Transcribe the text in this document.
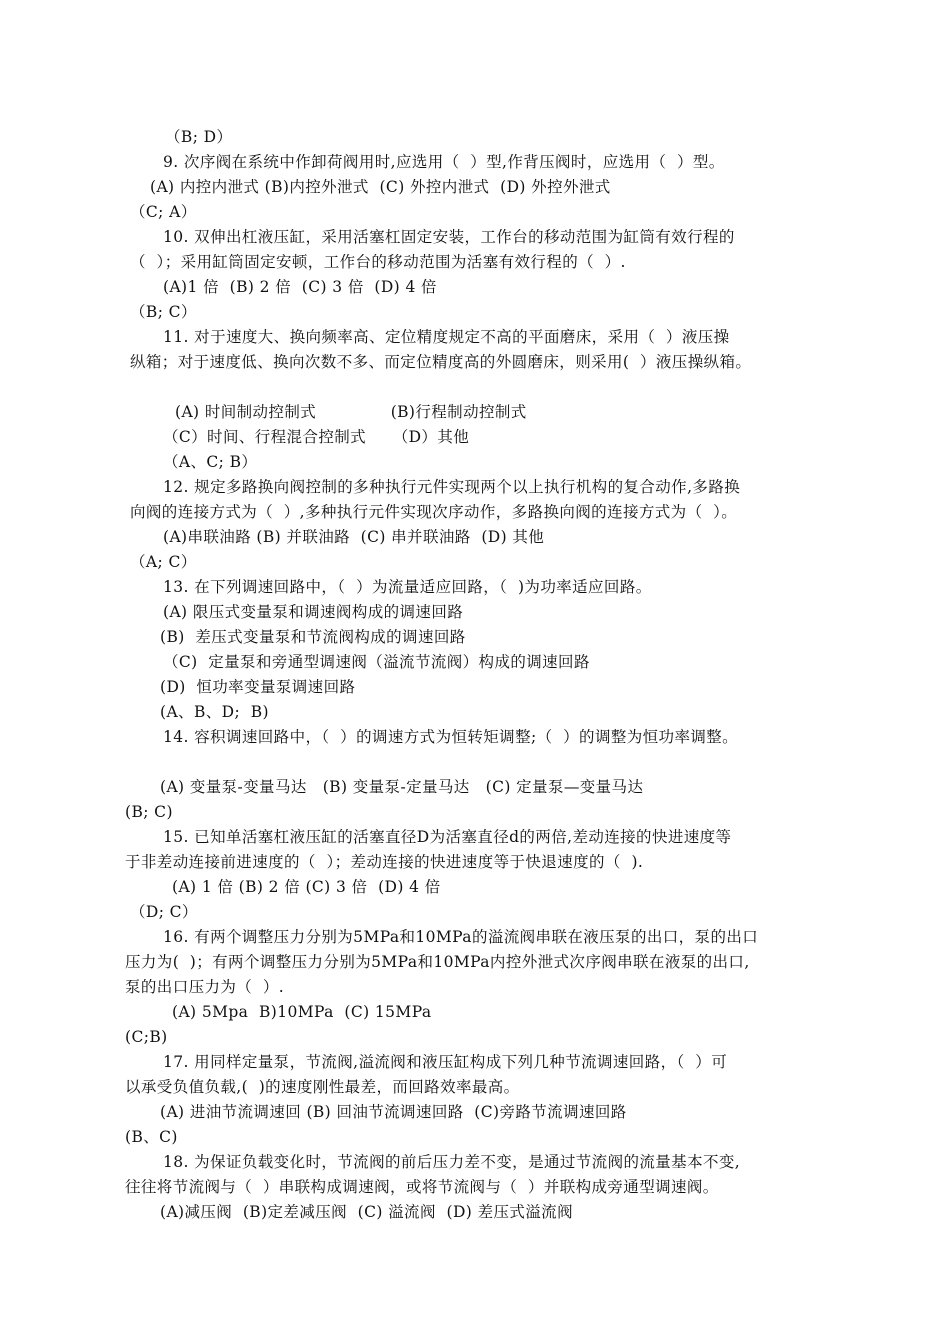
（B; D）
9. 次序阀在系统中作卸荷阀用时,应选用（  ）型,作背压阀时，应选用（  ）型。
(A) 内控内泄式 (B)内控外泄式  (C) 外控内泄式  (D) 外控外泄式
（C; A）
10. 双伸出杠液压缸，采用活塞杠固定安装，工作台的移动范围为缸筒有效行程的
（  ）；采用缸筒固定安顿，工作台的移动范围为活塞有效行程的（  ）.
(A)1 倍  (B) 2 倍  (C) 3 倍  (D) 4 倍
（B; C）
11. 对于速度大、换向频率高、定位精度规定不高的平面磨床，采用（  ）液压操
纵箱；对于速度低、换向次数不多、而定位精度高的外圆磨床，则采用(  ）液压操纵箱。
(A) 时间制动控制式              (B)行程制动控制式
（C）时间、行程混合控制式     （D）其他
（A、C; B）
12. 规定多路换向阀控制的多种执行元件实现两个以上执行机构的复合动作,多路换
向阀的连接方式为（  ）,多种执行元件实现次序动作，多路换向阀的连接方式为（  ）。
(A)串联油路 (B) 并联油路  (C) 串并联油路  (D) 其他
（A; C）
13. 在下列调速回路中，（  ）为流量适应回路，（  )为功率适应回路。
(A) 限压式变量泵和调速阀构成的调速回路
(B)  差压式变量泵和节流阀构成的调速回路
（C)  定量泵和旁通型调速阀（溢流节流阀）构成的调速回路
(D)  恒功率变量泵调速回路
(A、B、D;  B)
14. 容积调速回路中，（  ）的调速方式为恒转矩调整;（  ）的调整为恒功率调整。
(A) 变量泵-变量马达   (B) 变量泵-定量马达   (C) 定量泵—变量马达
(B; C)
15. 已知单活塞杠液压缸的活塞直径D为活塞直径d的两倍,差动连接的快进速度等
于非差动连接前进速度的（  ）；差动连接的快进速度等于快退速度的（  ).
(A) 1 倍 (B) 2 倍 (C) 3 倍  (D) 4 倍
（D; C）
16. 有两个调整压力分别为5MPa和10MPa的溢流阀串联在液压泵的出口，泵的出口
压力为(  )；有两个调整压力分别为5MPa和10MPa内控外泄式次序阀串联在液泵的出口,
泵的出口压力为（  ）.
(A) 5Mpa  B)10MPa  (C) 15MPa
(C;B)
17. 用同样定量泵，节流阀,溢流阀和液压缸构成下列几种节流调速回路，（  ）可
以承受负值负载,(  )的速度刚性最差，而回路效率最高。
(A) 进油节流调速回 (B) 回油节流调速回路  (C)旁路节流调速回路
(B、C)
18. 为保证负载变化时，节流阀的前后压力差不变，是通过节流阀的流量基本不变,
往往将节流阀与（  ）串联构成调速阀，或将节流阀与（  ）并联构成旁通型调速阀。
(A)减压阀  (B)定差减压阀  (C) 溢流阀  (D) 差压式溢流阀
